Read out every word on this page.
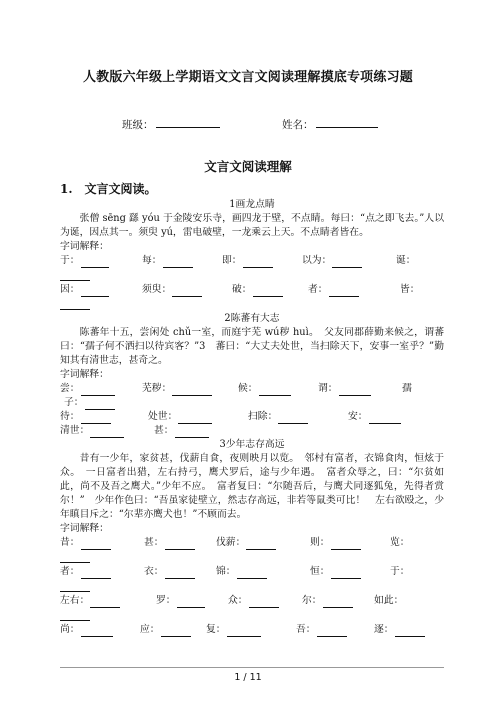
人教版六年级上学期语文文言文阅读理解摸底专项练习题
班级：	姓名：
文言文阅读理解
1.　文言文阅读。
1画龙点睛

张僧 sēng 繇 yóu 于金陵安乐寺，画四龙于壁，不点睛。每曰：“点之即飞去。”人以为诞，因点其一。须臾 yú，雷电破壁，一龙乘云上天。不点睛者皆在。

字词解释：

于：	每：	即：	以为：	诞：
因：	须臾：	破：	者：	皆：
2陈蕃有大志

陈蕃年十五，尝闲处 chǔ一室，而庭宇芜 wú秽 huì。　父友同郡薛勤来候之，谓蕃曰：“孺子何不洒扫以待宾客？”3　蕃曰：“大丈夫处世，当扫除天下，安事一室乎？”勤知其有清世志，甚奇之。

字词解释：

尝：	芜秽：	候：	谓：	孺
子：
待：	处世：	扫除：	安：
清世：	甚：
3少年志存高远

昔有一少年，家贫甚，伐薪自食，夜则映月以览。　邻村有富者，衣锦食肉，恒炫于众。　一日富者出猎，左右持弓，鹰犬罗后，途与少年遇。　富者众辱之，曰：“尔贫如此，尚不及吾之鹰犬。”少年不应。　富者复曰：“尔随吾后，与鹰犬同逐狐兔，先得者赏尔！”　少年作色曰：“吾虽家徒壁立，然志存高远，非若等鼠类可比！　左右欲殴之，少年瞋目斥之：“尔辈亦鹰犬也！”不顾而去。

字词解释：

昔：	甚：	伐薪：	则：	览：
者：	衣：	锦：	恒：	于：
左右：	罗：	众：	尔：	如此：
尚：	应：	复：	吾：	逐：
1 / 11
